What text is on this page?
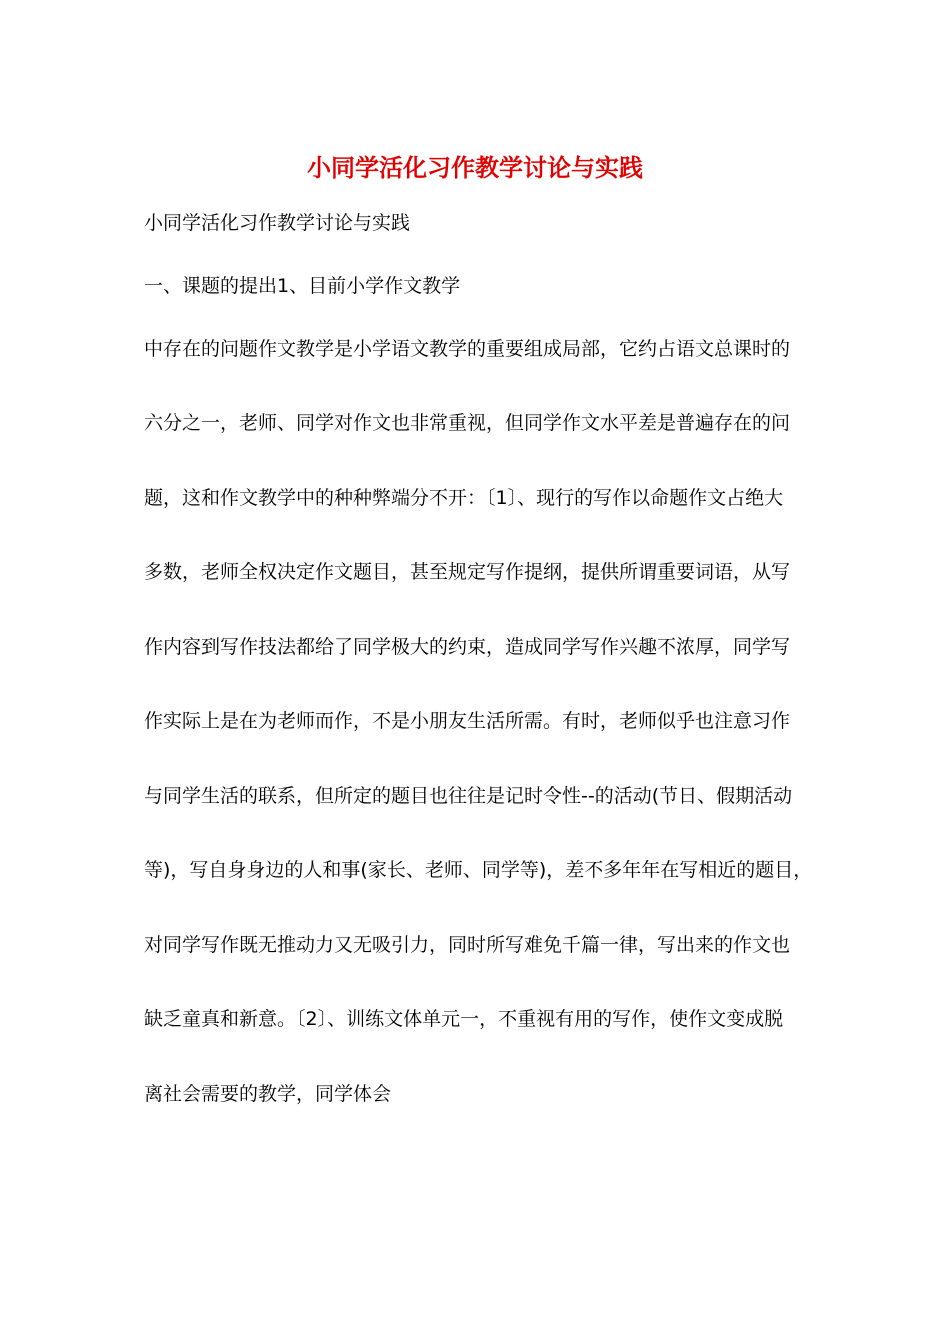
小同学活化习作教学讨论与实践
小同学活化习作教学讨论与实践
一、课题的提出1、目前小学作文教学
中存在的问题作文教学是小学语文教学的重要组成局部，它约占语文总课时的
六分之一，老师、同学对作文也非常重视，但同学作文水平差是普遍存在的问
题，这和作文教学中的种种弊端分不开：〔1〕、现行的写作以命题作文占绝大
多数，老师全权决定作文题目，甚至规定写作提纲，提供所谓重要词语，从写
作内容到写作技法都给了同学极大的约束，造成同学写作兴趣不浓厚，同学写
作实际上是在为老师而作，不是小朋友生活所需。有时，老师似乎也注意习作
与同学生活的联系，但所定的题目也往往是记时令性--的活动(节日、假期活动
等)，写自身身边的人和事(家长、老师、同学等)，差不多年年在写相近的题目，
对同学写作既无推动力又无吸引力，同时所写难免千篇一律，写出来的作文也
缺乏童真和新意。〔2〕、训练文体单元一，不重视有用的写作，使作文变成脱
离社会需要的教学，同学体会
